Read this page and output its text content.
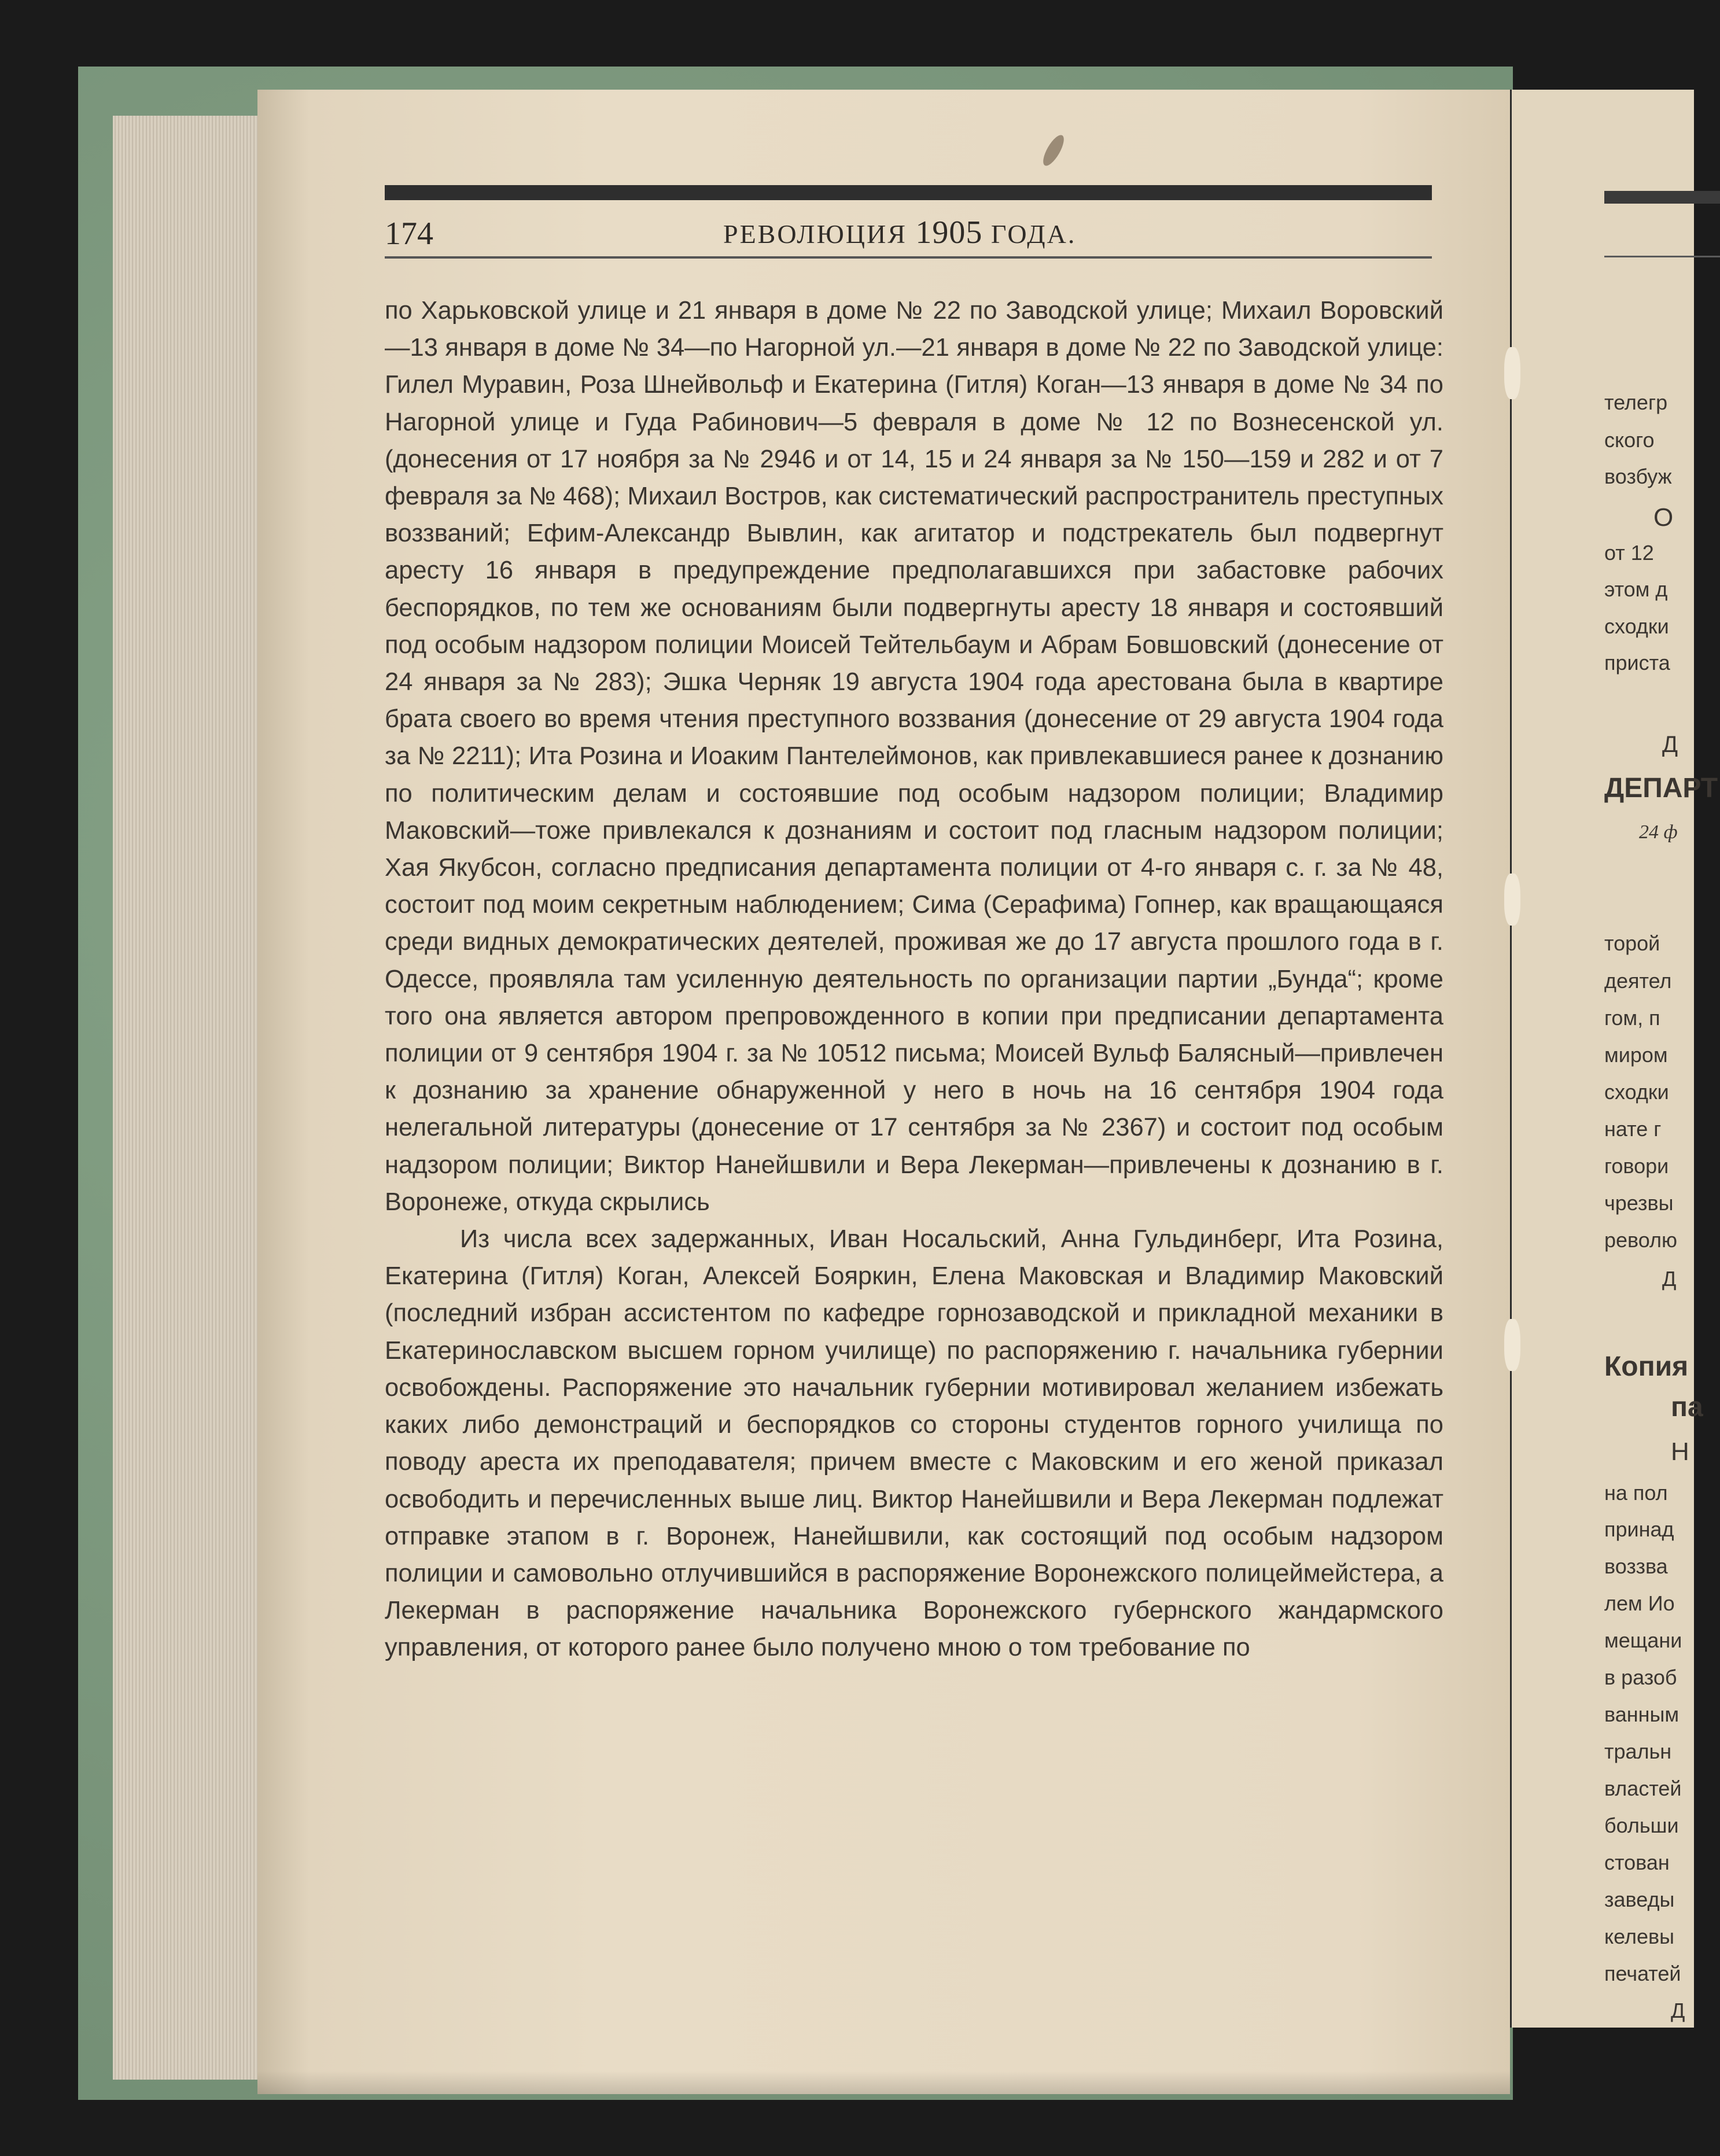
телегр
ского
возбуж
О
от 12
этом д
сходки
приста
Д
ДЕПАРТ
24 ф
торой
деятел
гом, п
миром
сходки
нате г
говори
чрезвы
револю
Д
Копия
па
Н
на пол
принад
воззва
лем Ио
мещани
в разоб
ванным
тральн
властей
больши
стован
заведы
келевы
печатей
Д
174	РЕВОЛЮЦИЯ 1905 ГОДА.

по Харьковской улице и 21 января в доме № 22 по Заводской улице; Михаил Воровский—13 января в доме № 34—по Нагорной ул.—21 января в доме № 22 по Заводской улице: Гилел Муравин, Роза Шнейвольф и Екатерина (Гитля) Коган—13 января в доме № 34 по Нагорной улице и Гуда Рабинович—5 февраля в доме № 12 по Вознесенской ул. (донесения от 17 ноября за № 2946 и от 14, 15 и 24 января за № 150—159 и 282 и от 7 февраля за № 468); Михаил Востров, как систематический распространитель преступных воззваний; Ефим-Александр Вывлин, как агитатор и подстрекатель был подвергнут аресту 16 января в предупреждение предполагавшихся при забастовке рабочих беспорядков, по тем же основаниям были подвергнуты аресту 18 января и состоявший под особым надзором полиции Моисей Тейтельбаум и Абрам Бовшовский (донесение от 24 января за № 283); Эшка Черняк 19 августа 1904 года арестована была в квартире брата своего во время чтения преступного воззвания (донесение от 29 августа 1904 года за № 2211); Ита Розина и Иоаким Пантелеймонов, как привлекавшиеся ранее к дознанию по политическим делам и состоявшие под особым надзором полиции; Владимир Маковский—тоже привлекался к дознаниям и состоит под гласным надзором полиции; Хая Якубсон, согласно предписания департамента полиции от 4-го января с. г. за № 48, состоит под моим секретным наблюдением; Сима (Серафима) Гопнер, как вращающаяся среди видных демократических деятелей, проживая же до 17 августа прошлого года в г. Одессе, проявляла там усиленную деятельность по организации партии „Бунда“; кроме того она является автором препровожденного в копии при предписании департамента полиции от 9 сентября 1904 г. за № 10512 письма; Моисей Вульф Балясный—привлечен к дознанию за хранение обнаруженной у него в ночь на 16 сентября 1904 года нелегальной литературы (донесение от 17 сентября за № 2367) и состоит под особым надзором полиции; Виктор Нанейшвили и Вера Лекерман—привлечены к дознанию в г. Воронеже, откуда скрылись

Из числа всех задержанных, Иван Носальский, Анна Гульдинберг, Ита Розина, Екатерина (Гитля) Коган, Алексей Бояркин, Елена Маковская и Владимир Маковский (последний избран ассистентом по кафедре горнозаводской и прикладной механики в Екатеринославском высшем горном училище) по распоряжению г. начальника губернии освобождены. Распоряжение это начальник губернии мотивировал желанием избежать каких либо демонстраций и беспорядков со стороны студентов горного училища по поводу ареста их преподавателя; причем вместе с Маковским и его женой приказал освободить и перечисленных выше лиц. Виктор Нанейшвили и Вера Лекерман подлежат отправке этапом в г. Воронеж, Нанейшвили, как состоящий под особым надзором полиции и самовольно отлучившийся в распоряжение Воронежского полицеймейстера, а Лекерман в распоряжение начальника Воронежского губернского жандармского управления, от которого ранее было получено мною о том требование по
